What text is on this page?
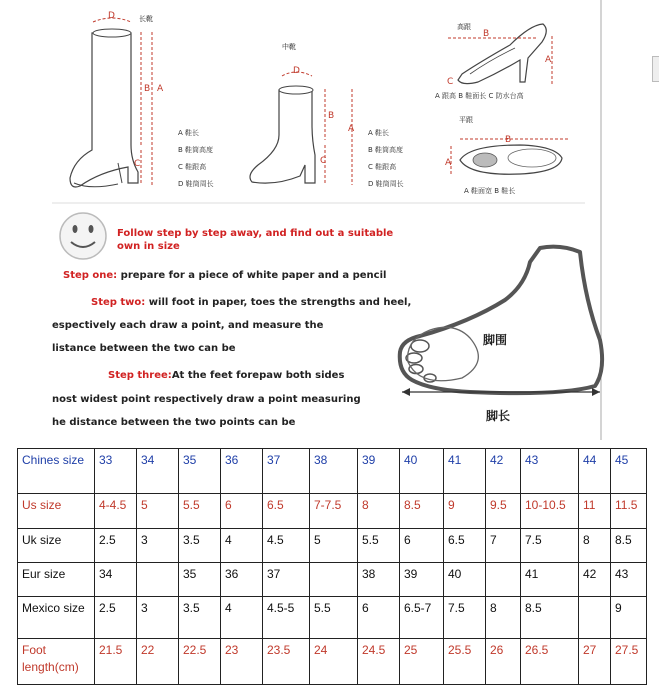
D	长靴
A
B
C
A 鞋长
B 鞋筒高度
C 鞋跟高
D 鞋筒周长
中靴
D
A
B
C
A 鞋长
B 鞋筒高度
C 鞋跟高
D 鞋筒周长
高跟
B
A
C
A 跟高 B 鞋面长 C 防水台高
平跟
B
A
A 鞋面宽 B 鞋长
Follow step by step away, and find out a suitable
own in size
Step one: prepare for a piece of white paper and a pencil
Step two: will foot in paper, toes the strengths and heel,
espectively each draw a point, and measure the
listance between the two can be
Step three:At the feet forepaw both sides
nost widest point respectively draw a point measuring
he distance between the two points can be
脚围
脚长
Chines size	33	34	35	36	37	38	39	40	41	42	43	44	45
Us size	4-4.5	5	5.5	6	6.5	7-7.5	8	8.5	9	9.5	10-10.5	11	11.5
Uk size	2.5	3	3.5	4	4.5	5	5.5	6	6.5	7	7.5	8	8.5
Eur size	34		35	36	37		38	39	40		41	42	43
Mexico size	2.5	3	3.5	4	4.5-5	5.5	6	6.5-7	7.5	8	8.5		9
Foot length(cm)	21.5	22	22.5	23	23.5	24	24.5	25	25.5	26	26.5	27	27.5
